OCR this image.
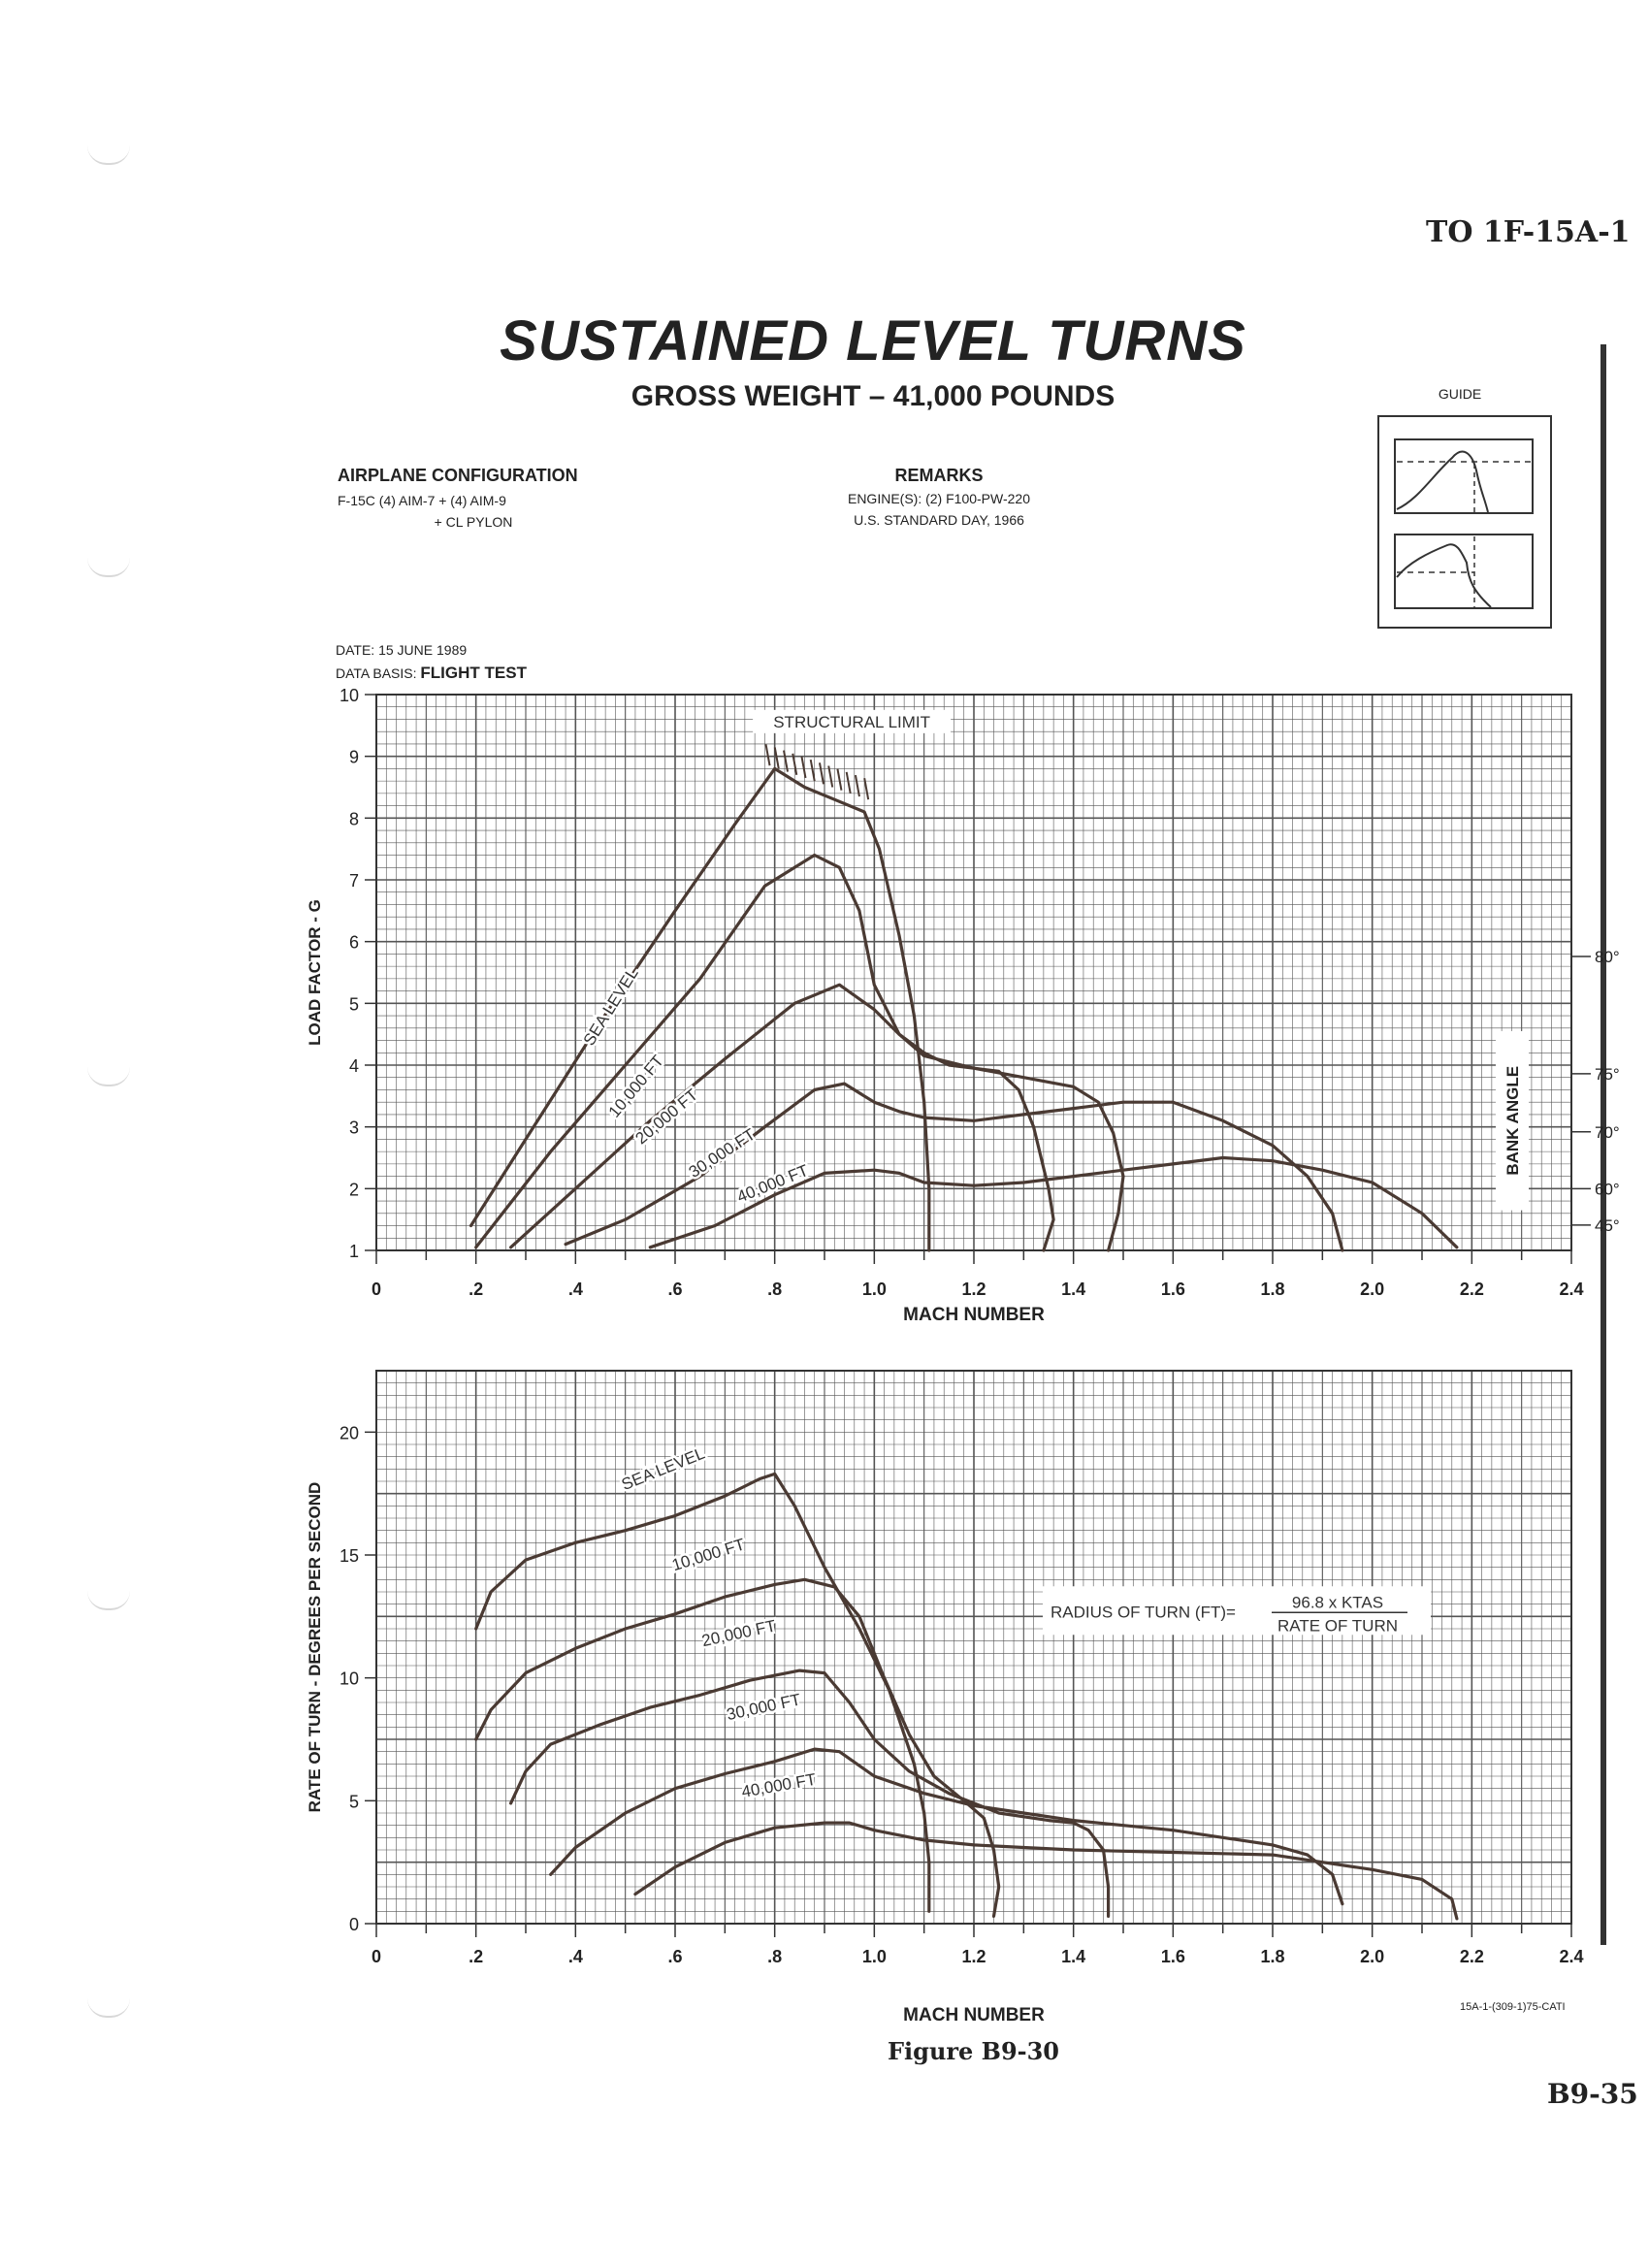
TO 1F-15A-1
SUSTAINED LEVEL TURNS
GROSS WEIGHT – 41,000 POUNDS	GUIDE
AIRPLANE CONFIGURATION
F-15C (4) AIM-7 + (4) AIM-9
+ CL PYLON
REMARKS
ENGINE(S): (2) F100-PW-220
U.S. STANDARD DAY, 1966
DATE: 15 JUNE 1989
DATA BASIS: FLIGHT TEST
0	.2	.4	.6	.8	1.0	1.2	1.4	1.6	1.8	2.0	2.2	2.4
MACH NUMBER
1
2
3
4
5
6
7
8
9
10
LOAD FACTOR - G	SEA LEVEL
10,000 FT
20,000 FT
30,000 FT
40,000 FT
STRUCTURAL LIMIT
80°
75°
70°
60°
45°
BANK ANGLE
0	.2	.4	.6	.8	1.0	1.2	1.4	1.6	1.8	2.0	2.2	2.4
MACH NUMBER
0
5
10
15
20
RATE OF TURN - DEGREES PER SECOND
SEA LEVEL
10,000 FT
20,000 FT
30,000 FT
40,000 FT
RADIUS OF TURN (FT)=
96.8 x KTAS
RATE OF TURN
Figure B9-30
15A-1-(309-1)75-CATI
B9-35
